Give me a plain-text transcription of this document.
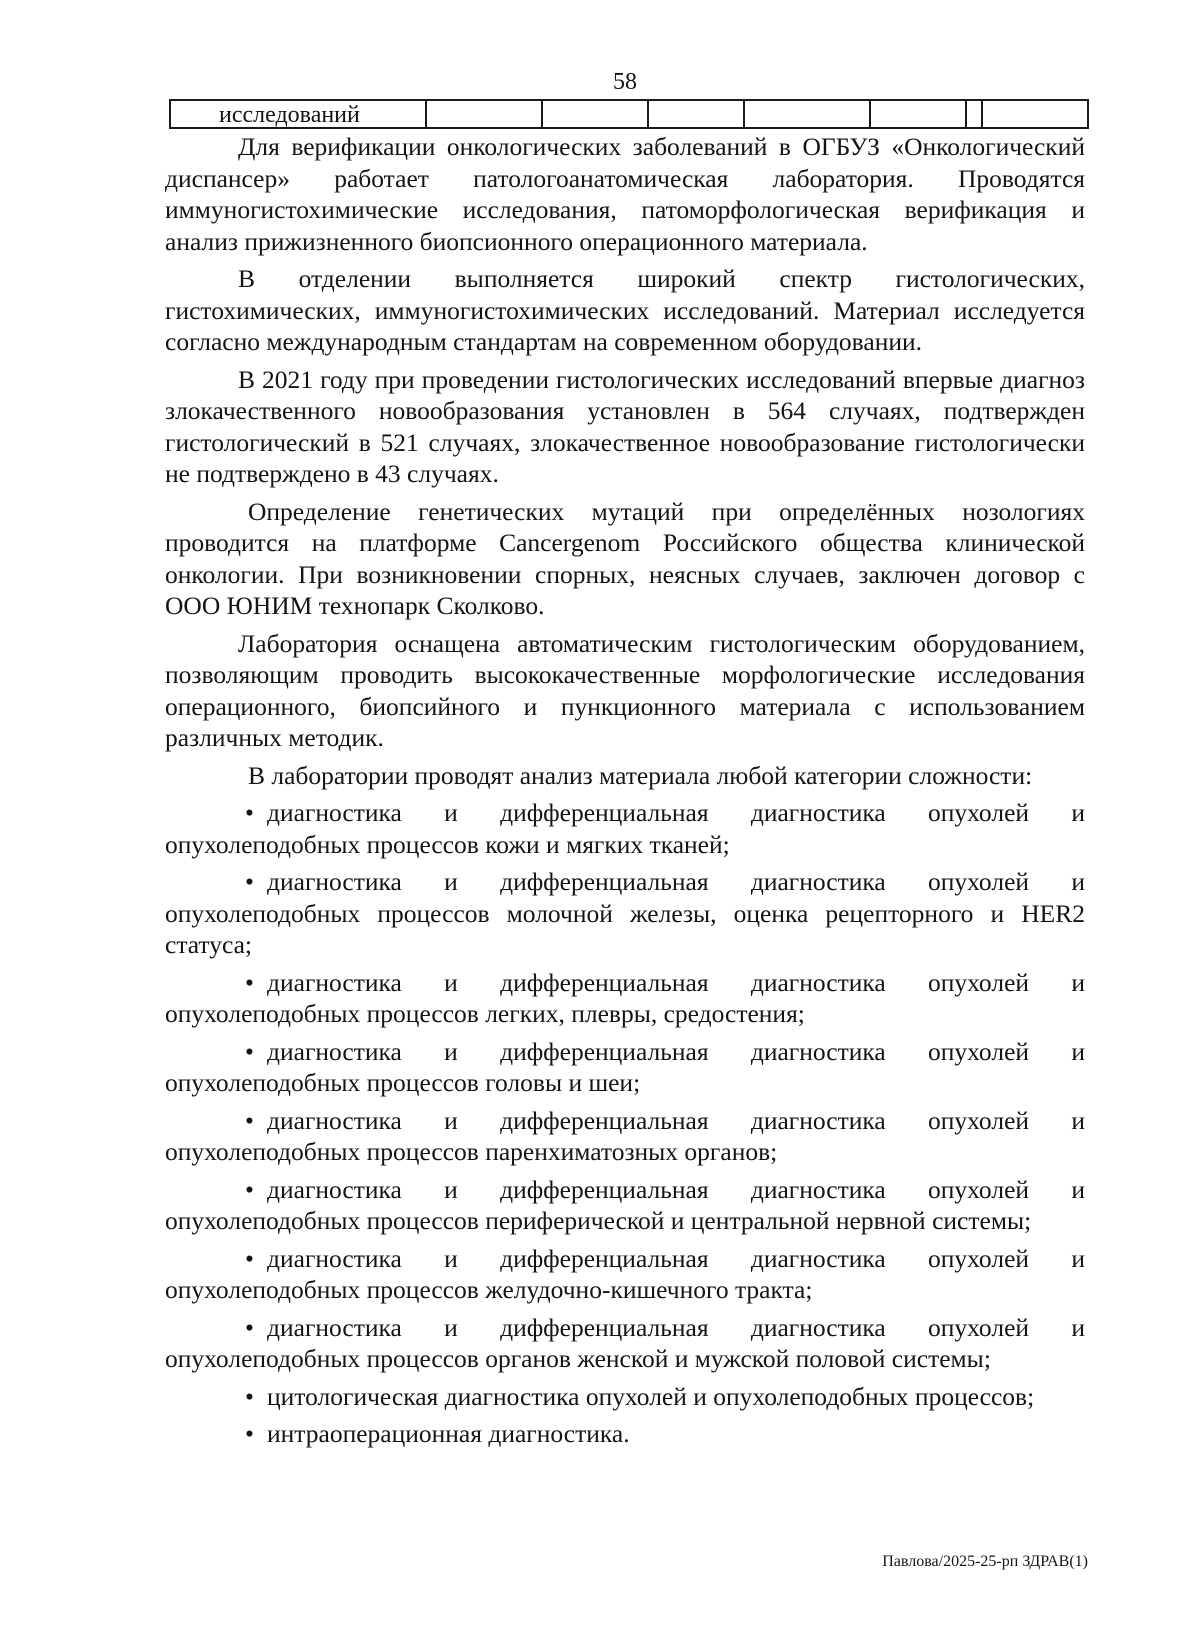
58
исследований							

Для верификации онкологических заболеваний в ОГБУЗ «Онкологический диспансер» работает патологоанатомическая лаборатория. Проводятся иммуногистохимические исследования, патоморфологическая верификация и анализ прижизненного биопсионного операционного материала.

В отделении выполняется широкий спектр гистологических, гистохимических, иммуногистохимических исследований. Материал исследуется согласно международным стандартам на современном оборудовании.

В 2021 году при проведении гистологических исследований впервые диагноз злокачественного новообразования установлен в 564 случаях, подтвержден гистологический в 521 случаях, злокачественное новообразование гистологически не подтверждено в 43 случаях.

Определение генетических мутаций при определённых нозологиях проводится на платформе Cancergenom Российского общества клинической онкологии. При возникновении спорных, неясных случаев, заключен договор с ООО ЮНИМ технопарк Сколково.

Лаборатория оснащена автоматическим гистологическим оборудованием, позволяющим проводить высококачественные морфологические исследования операционного, биопсийного и пункционного материала с использованием различных методик.

В лаборатории проводят анализ материала любой категории сложности:

• диагностика и дифференциальная диагностика опухолей и опухолеподобных процессов кожи и мягких тканей;

• диагностика и дифференциальная диагностика опухолей и опухолеподобных процессов молочной железы, оценка рецепторного и HER2 статуса;

• диагностика и дифференциальная диагностика опухолей и опухолеподобных процессов легких, плевры, средостения;

• диагностика и дифференциальная диагностика опухолей и опухолеподобных процессов головы и шеи;

• диагностика и дифференциальная диагностика опухолей и опухолеподобных процессов паренхиматозных органов;

• диагностика и дифференциальная диагностика опухолей и опухолеподобных процессов периферической и центральной нервной системы;

• диагностика и дифференциальная диагностика опухолей и опухолеподобных процессов желудочно-кишечного тракта;

• диагностика и дифференциальная диагностика опухолей и опухолеподобных процессов органов женской и мужской половой системы;

• цитологическая диагностика опухолей и опухолеподобных процессов;

• интраоперационная диагностика.

Павлова/2025-25-рп ЗДРАВ(1)
